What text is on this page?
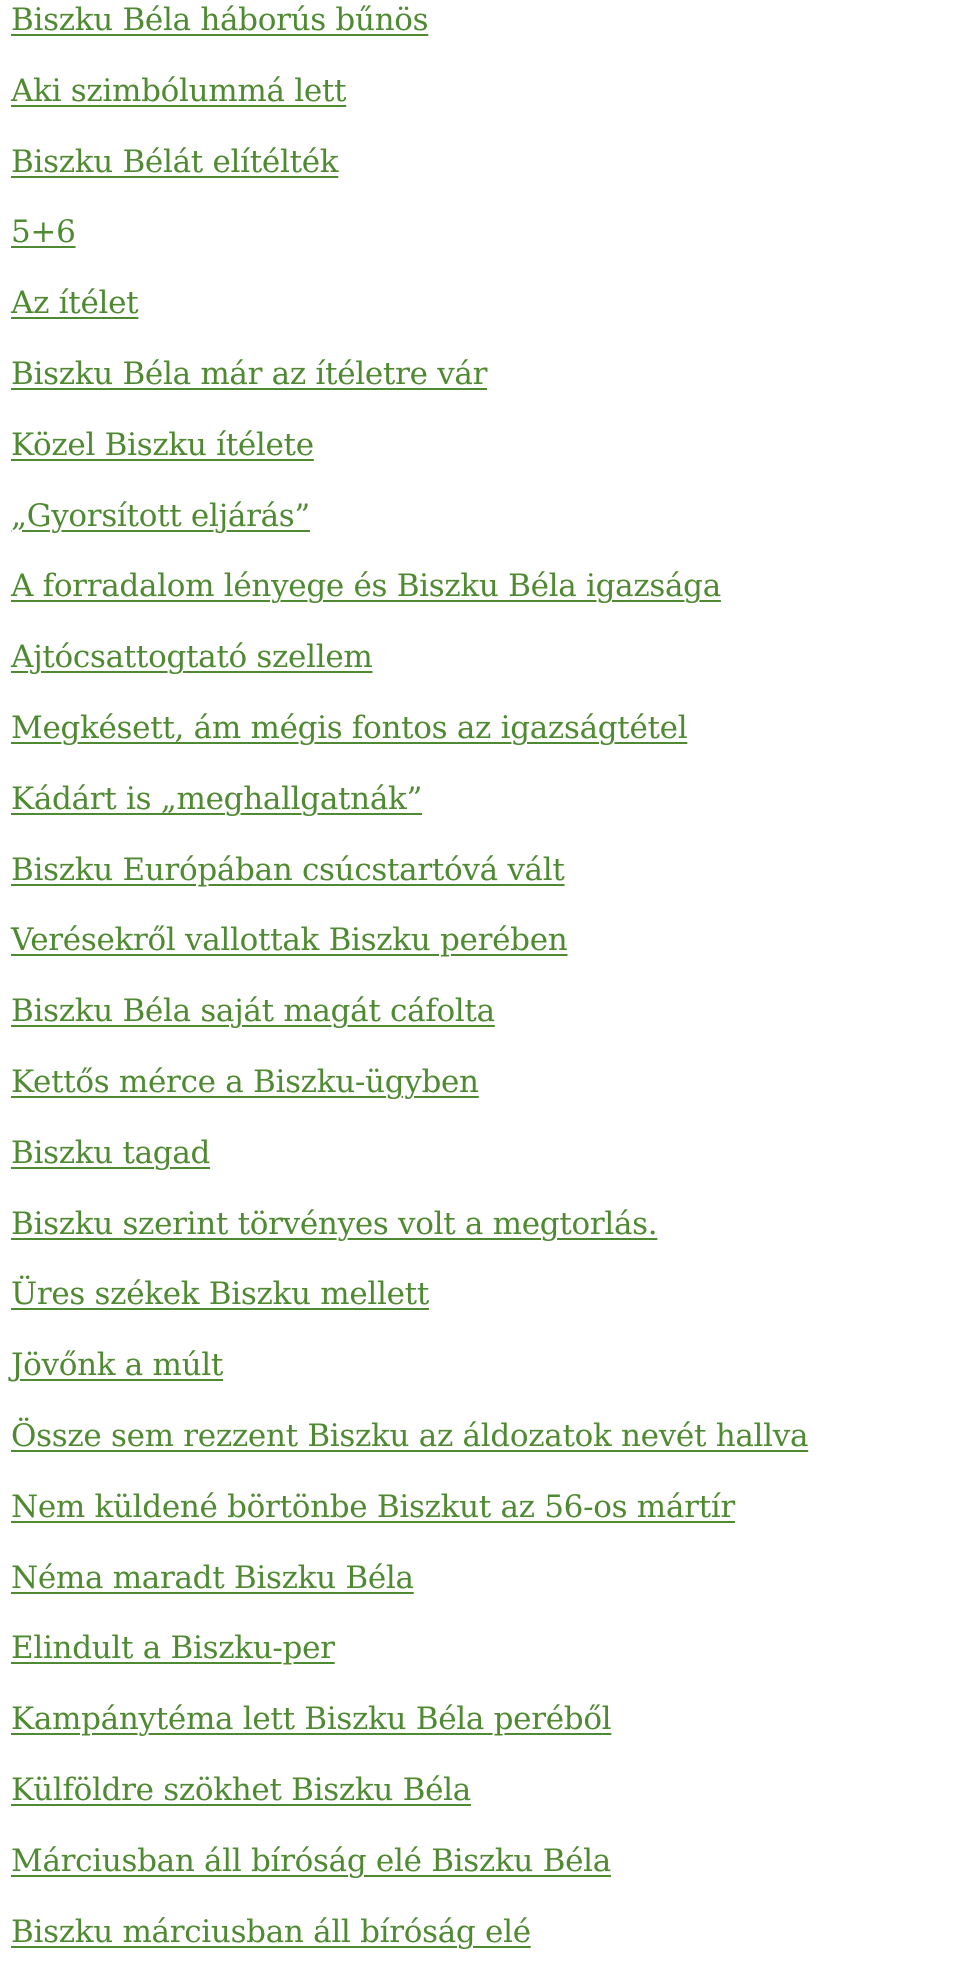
Biszku Béla háborús bűnös
Aki szimbólummá lett
Biszku Bélát elítélték
5+6
Az ítélet
Biszku Béla már az ítéletre vár
Közel Biszku ítélete
„Gyorsított eljárás”
A forradalom lényege és Biszku Béla igazsága
Ajtócsattogtató szellem
Megkésett, ám mégis fontos az igazságtétel
Kádárt is „meghallgatnák”
Biszku Európában csúcstartóvá vált
Verésekről vallottak Biszku perében
Biszku Béla saját magát cáfolta
Kettős mérce a Biszku-ügyben
Biszku tagad
Biszku szerint törvényes volt a megtorlás.
Üres székek Biszku mellett
Jövőnk a múlt
Össze sem rezzent Biszku az áldozatok nevét hallva
Nem küldené börtönbe Biszkut az 56-os mártír
Néma maradt Biszku Béla
Elindult a Biszku-per
Kampánytéma lett Biszku Béla peréből
Külföldre szökhet Biszku Béla
Márciusban áll bíróság elé Biszku Béla
Biszku márciusban áll bíróság elé
